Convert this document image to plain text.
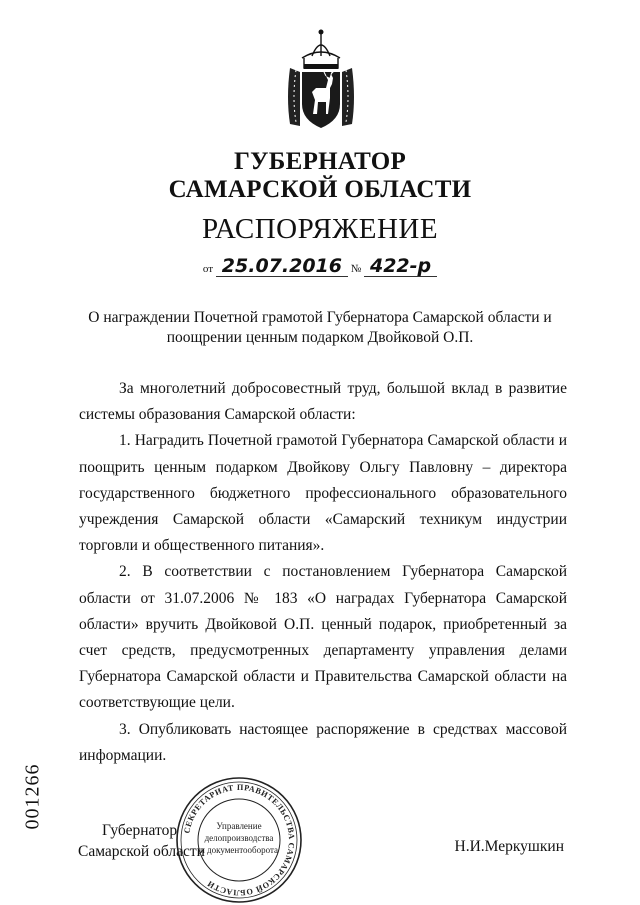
ГУБЕРНАТОР
САМАРСКОЙ ОБЛАСТИ
РАСПОРЯЖЕНИЕ
от 25.07.2016 № 422-р
О награждении Почетной грамотой Губернатора Самарской области и
поощрении ценным подарком Двойковой О.П.

За многолетний добросовестный труд, большой вклад в развитие системы образования Самарской области:

1. Наградить Почетной грамотой Губернатора Самарской области и поощрить ценным подарком Двойкову Ольгу Павловну – директора государственного бюджетного профессионального образовательного учреждения Самарской области «Самарский техникум индустрии торговли и общественного питания».

2. В соответствии с постановлением Губернатора Самарской области от 31.07.2006 № 183 «О наградах Губернатора Самарской области» вручить Двойковой О.П. ценный подарок, приобретенный за счет средств, предусмотренных департаменту управления делами Губернатора Самарской области и Правительства Самарской области на соответствующие цели.

3. Опубликовать настоящее распоряжение в средствах массовой информации.

001266
Губернатор
Самарской области	Н.И.Меркушкин
СЕКРЕТАРИАТ ПРАВИТЕЛЬСТВА САМАРСКОЙ ОБЛАСТИ
Управление
делопроизводства
и документооборота
